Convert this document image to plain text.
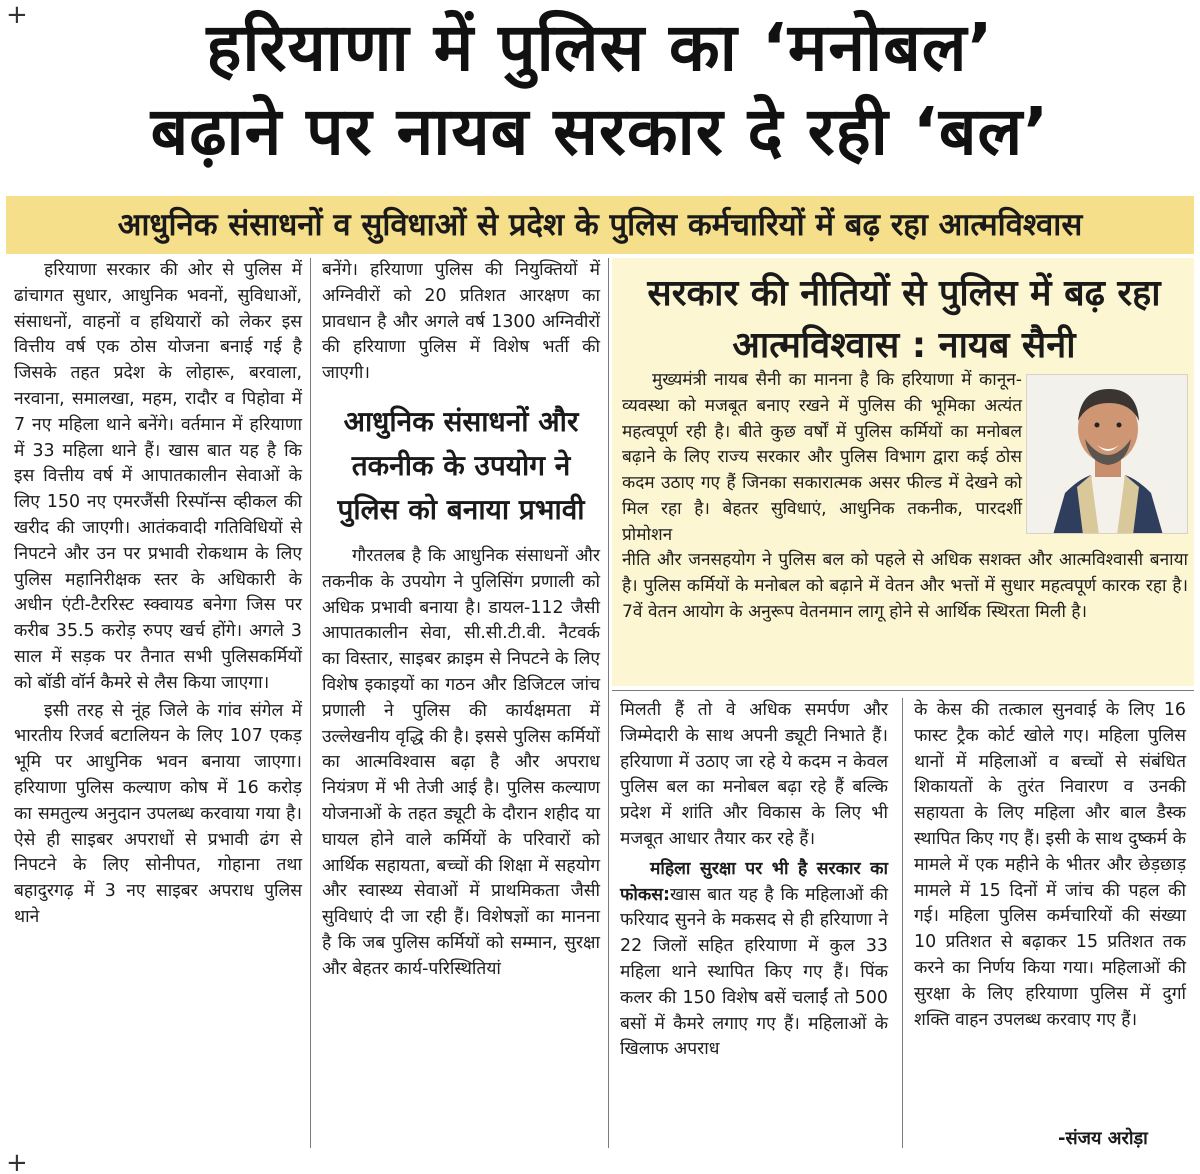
हरियाणा में पुलिस का ‘मनोबल’
बढ़ाने पर नायब सरकार दे रही ‘बल’
आधुनिक संसाधनों व सुविधाओं से प्रदेश के पुलिस कर्मचारियों में बढ़ रहा आत्मविश्वास

हरियाणा सरकार की ओर से पुलिस में ढांचागत सुधार, आधुनिक भवनों, सुविधाओं, संसाधनों, वाहनों व हथियारों को लेकर इस वित्तीय वर्ष एक ठोस योजना बनाई गई है जिसके तहत प्रदेश के लोहारू, बरवाला, नरवाना, समालखा, महम, रादौर व पिहोवा में 7 नए महिला थाने बनेंगे। वर्तमान में हरियाणा में 33 महिला थाने हैं। खास बात यह है कि इस वित्तीय वर्ष में आपातकालीन सेवाओं के लिए 150 नए एमरजैंसी रिस्पॉन्स व्हीकल की खरीद की जाएगी। आतंकवादी गतिविधियों से निपटने और उन पर प्रभावी रोकथाम के लिए पुलिस महानिरीक्षक स्तर के अधिकारी के अधीन एंटी-टैररिस्ट स्क्वायड बनेगा जिस पर करीब 35.5 करोड़ रुपए खर्च होंगे। अगले 3 साल में सड़क पर तैनात सभी पुलिसकर्मियों को बॉडी वॉर्न कैमरे से लैस किया जाएगा।

इसी तरह से नूंह जिले के गांव संगेल में भारतीय रिजर्व बटालियन के लिए 107 एकड़ भूमि पर आधुनिक भवन बनाया जाएगा। हरियाणा पुलिस कल्याण कोष में 16 करोड़ का समतुल्य अनुदान उपलब्ध करवाया गया है। ऐसे ही साइबर अपराधों से प्रभावी ढंग से निपटने के लिए सोनीपत, गोहाना तथा बहादुरगढ़ में 3 नए साइबर अपराध पुलिस थाने

बनेंगे। हरियाणा पुलिस की नियुक्तियों में अग्निवीरों को 20 प्रतिशत आरक्षण का प्रावधान है और अगले वर्ष 1300 अग्निवीरों की हरियाणा पुलिस में विशेष भर्ती की जाएगी।
आधुनिक संसाधनों और तकनीक के उपयोग ने पुलिस को बनाया प्रभावी

गौरतलब है कि आधुनिक संसाधनों और तकनीक के उपयोग ने पुलिसिंग प्रणाली को अधिक प्रभावी बनाया है। डायल-112 जैसी आपातकालीन सेवा, सी.सी.टी.वी. नैटवर्क का विस्तार, साइबर क्राइम से निपटने के लिए विशेष इकाइयों का गठन और डिजिटल जांच प्रणाली ने पुलिस की कार्यक्षमता में उल्लेखनीय वृद्धि की है। इससे पुलिस कर्मियों का आत्मविश्वास बढ़ा है और अपराध नियंत्रण में भी तेजी आई है। पुलिस कल्याण योजनाओं के तहत ड्यूटी के दौरान शहीद या घायल होने वाले कर्मियों के परिवारों को आर्थिक सहायता, बच्चों की शिक्षा में सहयोग और स्वास्थ्य सेवाओं में प्राथमिकता जैसी सुविधाएं दी जा रही हैं। विशेषज्ञों का मानना है कि जब पुलिस कर्मियों को सम्मान, सुरक्षा और बेहतर कार्य-परिस्थितियां

सरकार की नीतियों से पुलिस में बढ़ रहा आत्मविश्वास : नायब सैनी

मुख्यमंत्री नायब सैनी का मानना है कि हरियाणा में कानून-व्यवस्था को मजबूत बनाए रखने में पुलिस की भूमिका अत्यंत महत्वपूर्ण रही है। बीते कुछ वर्षों में पुलिस कर्मियों का मनोबल बढ़ाने के लिए राज्य सरकार और पुलिस विभाग द्वारा कई ठोस कदम उठाए गए हैं जिनका सकारात्मक असर फील्ड में देखने को मिल रहा है। बेहतर सुविधाएं, आधुनिक तकनीक, पारदर्शी प्रोमोशन

नीति और जनसहयोग ने पुलिस बल को पहले से अधिक सशक्त और आत्मविश्वासी बनाया है। पुलिस कर्मियों के मनोबल को बढ़ाने में वेतन और भत्तों में सुधार महत्वपूर्ण कारक रहा है। 7वें वेतन आयोग के अनुरूप वेतनमान लागू होने से आर्थिक स्थिरता मिली है।

मिलती हैं तो वे अधिक समर्पण और जिम्मेदारी के साथ अपनी ड्यूटी निभाते हैं। हरियाणा में उठाए जा रहे ये कदम न केवल पुलिस बल का मनोबल बढ़ा रहे हैं बल्कि प्रदेश में शांति और विकास के लिए भी मजबूत आधार तैयार कर रहे हैं।

महिला सुरक्षा पर भी है सरकार का फोकस:खास बात यह है कि महिलाओं की फरियाद सुनने के मकसद से ही हरियाणा ने 22 जिलों सहित हरियाणा में कुल 33 महिला थाने स्थापित किए गए हैं। पिंक कलर की 150 विशेष बसें चलाईं तो 500 बसों में कैमरे लगाए गए हैं। महिलाओं के खिलाफ अपराध

के केस की तत्काल सुनवाई के लिए 16 फास्ट ट्रैक कोर्ट खोले गए। महिला पुलिस थानों में महिलाओं व बच्चों से संबंधित शिकायतों के तुरंत निवारण व उनकी सहायता के लिए महिला और बाल डैस्क स्थापित किए गए हैं। इसी के साथ दुष्कर्म के मामले में एक महीने के भीतर और छेड़छाड़ मामले में 15 दिनों में जांच की पहल की गई। महिला पुलिस कर्मचारियों की संख्या 10 प्रतिशत से बढ़ाकर 15 प्रतिशत तक करने का निर्णय किया गया। महिलाओं की सुरक्षा के लिए हरियाणा पुलिस में दुर्गा शक्ति वाहन उपलब्ध करवाए गए हैं।
-संजय अरोड़ा
+
+
